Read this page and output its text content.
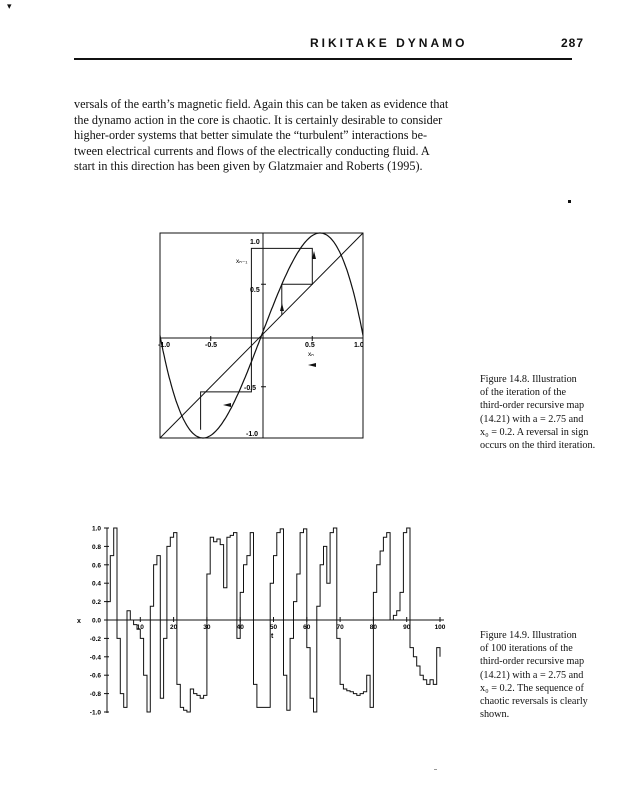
▾
RIKITAKE DYNAMO	287

versals of the earth’s magnetic field. Again this can be taken as evidence that
the dynamo action in the core is chaotic. It is certainly desirable to consider
higher-order systems that better simulate the “turbulent” interactions be-
tween electrical currents and flows of the electrically conducting fluid. A
start in this direction has been given by Glatzmaier and Roberts (1995).

xₙ₋₁
xₙ
1.0
0.5
-0.5
-1.0
-1.0	-0.5	0.5	1.0
1.0
0.8
0.6
0.4
0.2
0.0
-0.2
-0.4
-0.6
-0.8
-1.0
10	20	30	40	50	60	70	80	90	100
x
t

Figure 14.8. Illustration
of the iteration of the
third-order recursive map
(14.21) with a = 2.75 and
x₀ = 0.2. A reversal in sign
occurs on the third iteration.

Figure 14.9. Illustration
of 100 iterations of the
third-order recursive map
(14.21) with a = 2.75 and
x₀ = 0.2. The sequence of
chaotic reversals is clearly
shown.
